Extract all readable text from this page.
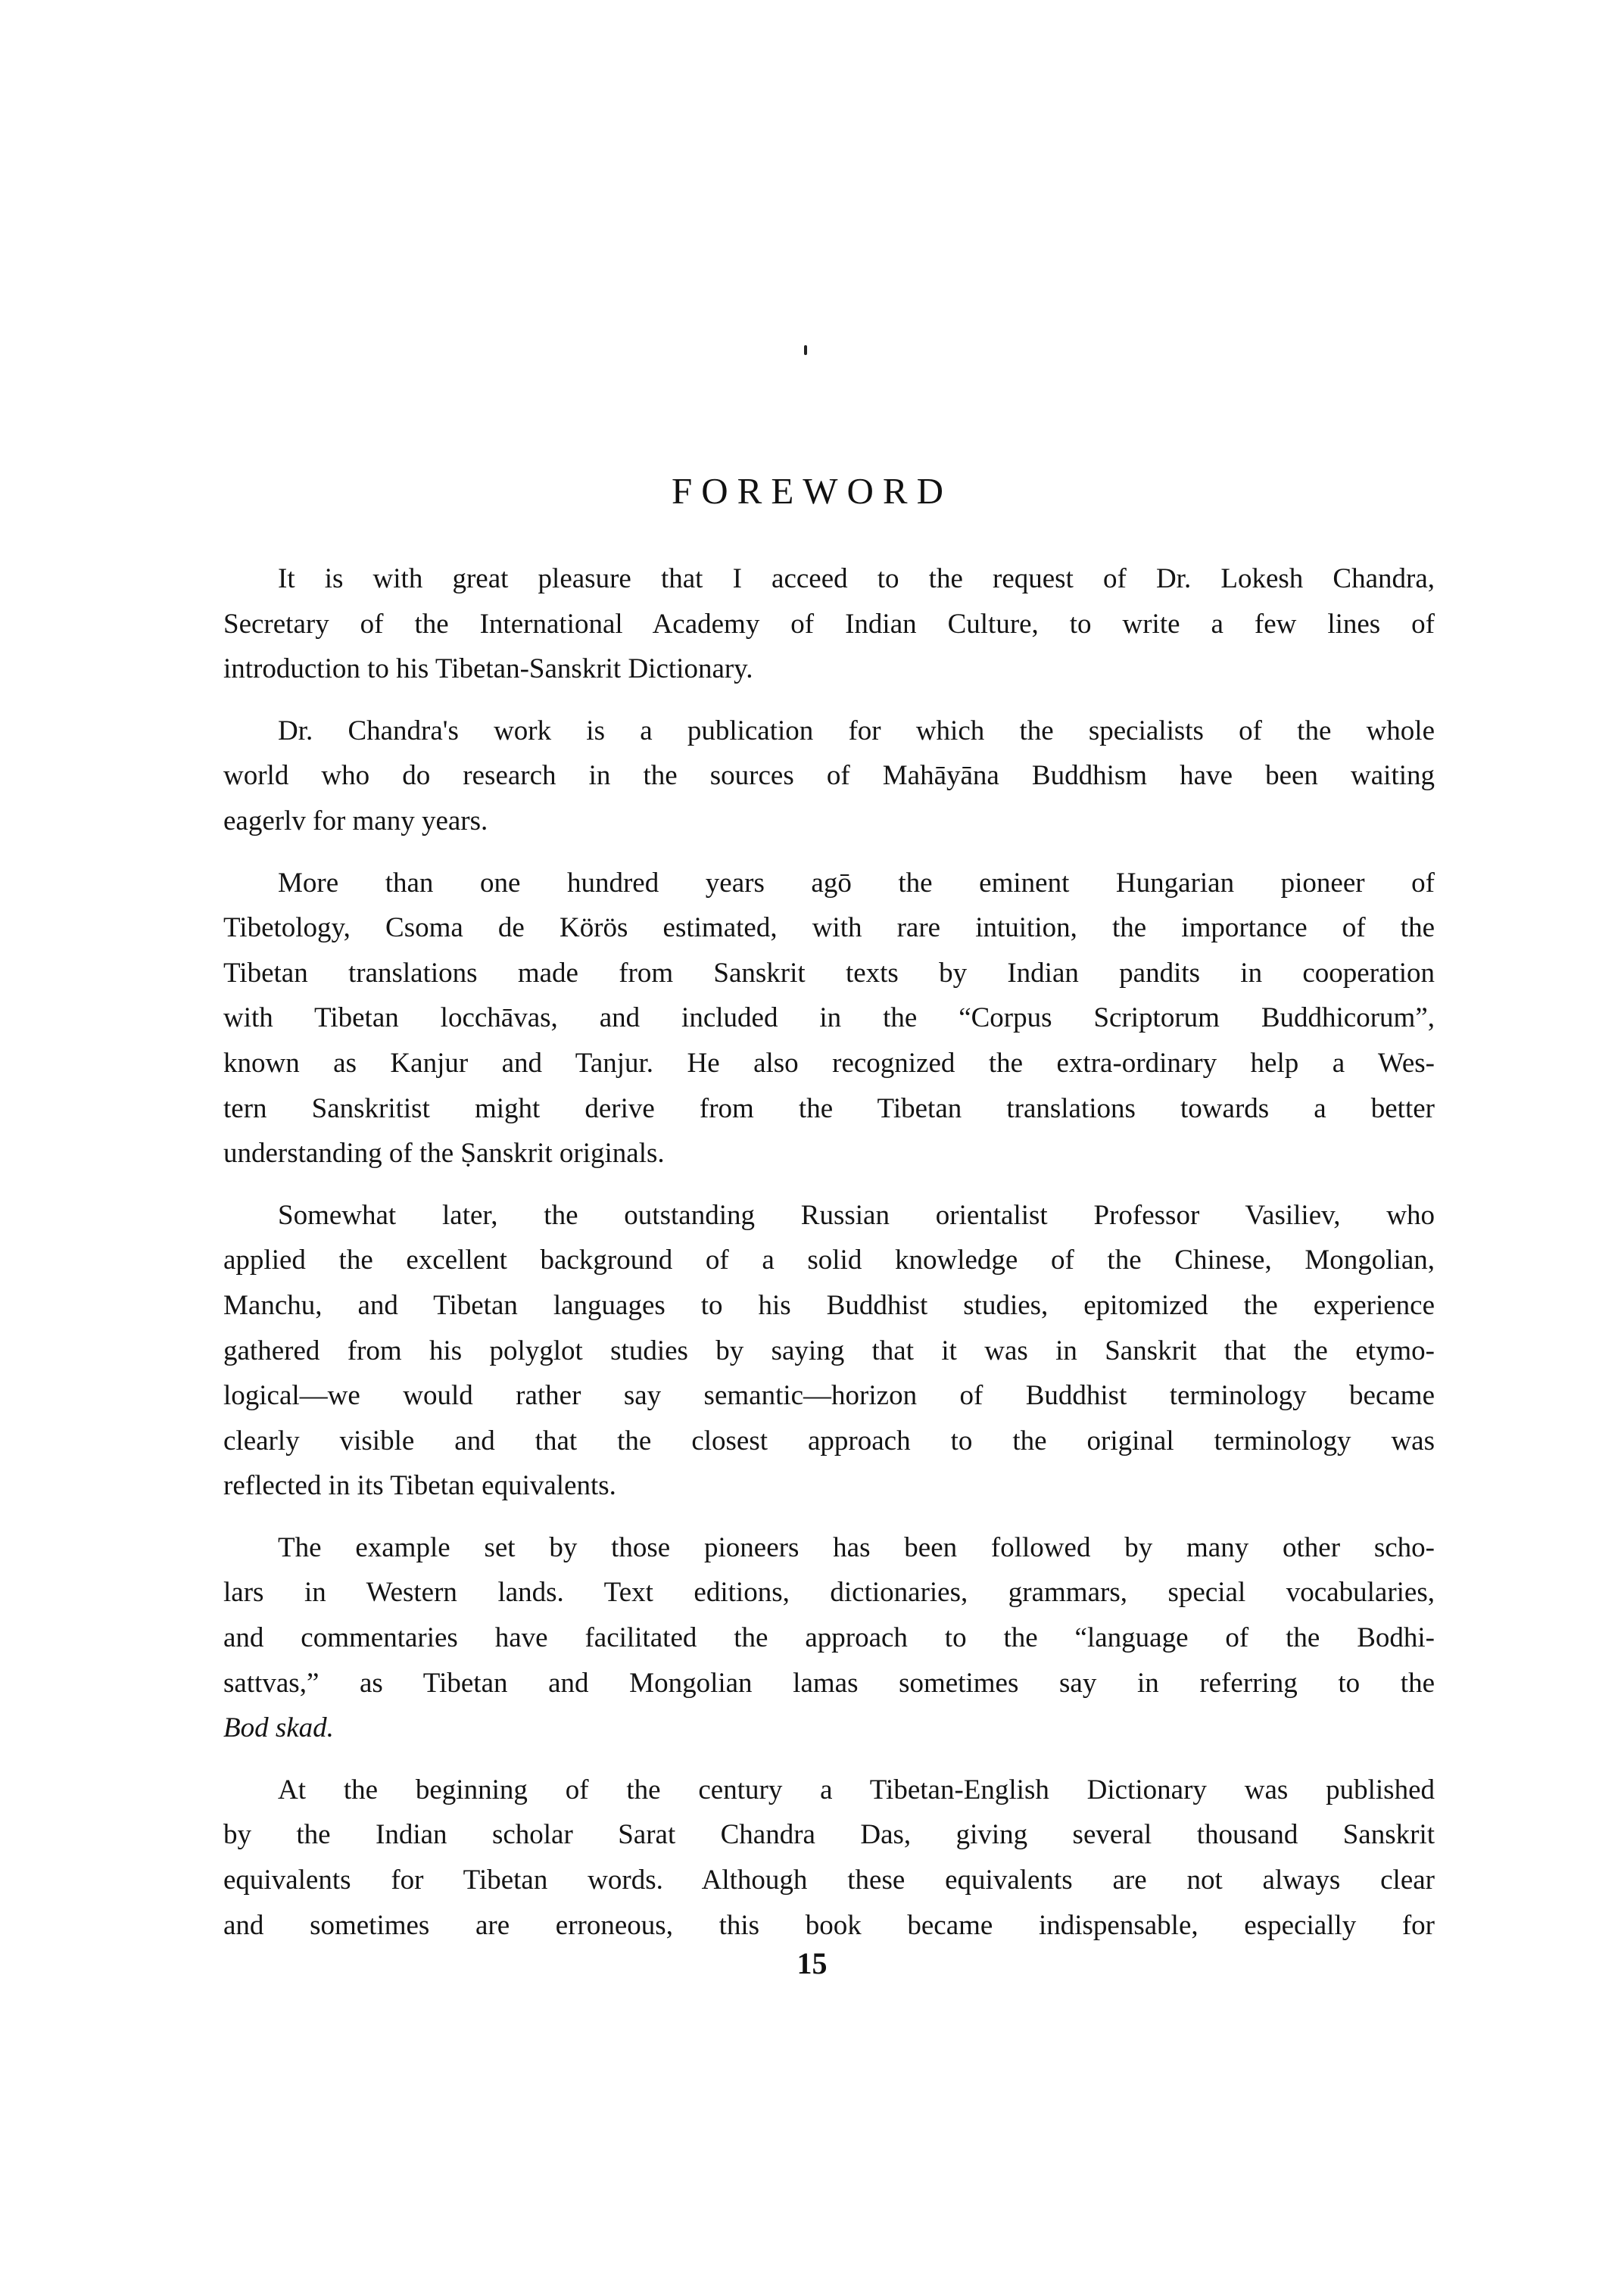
FOREWORD

It is with great pleasure that I acceed to the request of Dr. Lokesh Chandra,
Secretary of the International Academy of Indian Culture, to write a few lines of
introduction to his Tibetan-Sanskrit Dictionary.

Dr. Chandra's work is a publication for which the specialists of the whole
world who do research in the sources of Mahāyāna Buddhism have been waiting
eagerlv for many years.

More than one hundred years agō the eminent Hungarian pioneer of
Tibetology, Csoma de Körös estimated, with rare intuition, the importance of the
Tibetan translations made from Sanskrit texts by Indian pandits in cooperation
with Tibetan locchāvas, and included in the “Corpus Scriptorum Buddhicorum”,
known as Kanjur and Tanjur. He also recognized the extra-ordinary help a Wes-
tern Sanskritist might derive from the Tibetan translations towards a better
understanding of the Ṣanskrit originals.

Somewhat later, the outstanding Russian orientalist Professor Vasiliev, who
applied the excellent background of a solid knowledge of the Chinese, Mongolian,
Manchu, and Tibetan languages to his Buddhist studies, epitomized the experience
gathered from his polyglot studies by saying that it was in Sanskrit that the etymo-
logical—we would rather say semantic—horizon of Buddhist terminology became
clearly visible and that the closest approach to the original terminology was
reflected in its Tibetan equivalents.

The example set by those pioneers has been followed by many other scho-
lars in Western lands. Text editions, dictionaries, grammars, special vocabularies,
and commentaries have facilitated the approach to the “language of the Bodhi-
sattvas,” as Tibetan and Mongolian lamas sometimes say in referring to the
Bod skad.

At the beginning of the century a Tibetan-English Dictionary was published
by the Indian scholar Sarat Chandra Das, giving several thousand Sanskrit
equivalents for Tibetan words. Although these equivalents are not always clear
and sometimes are erroneous, this book became indispensable, especially for

15
